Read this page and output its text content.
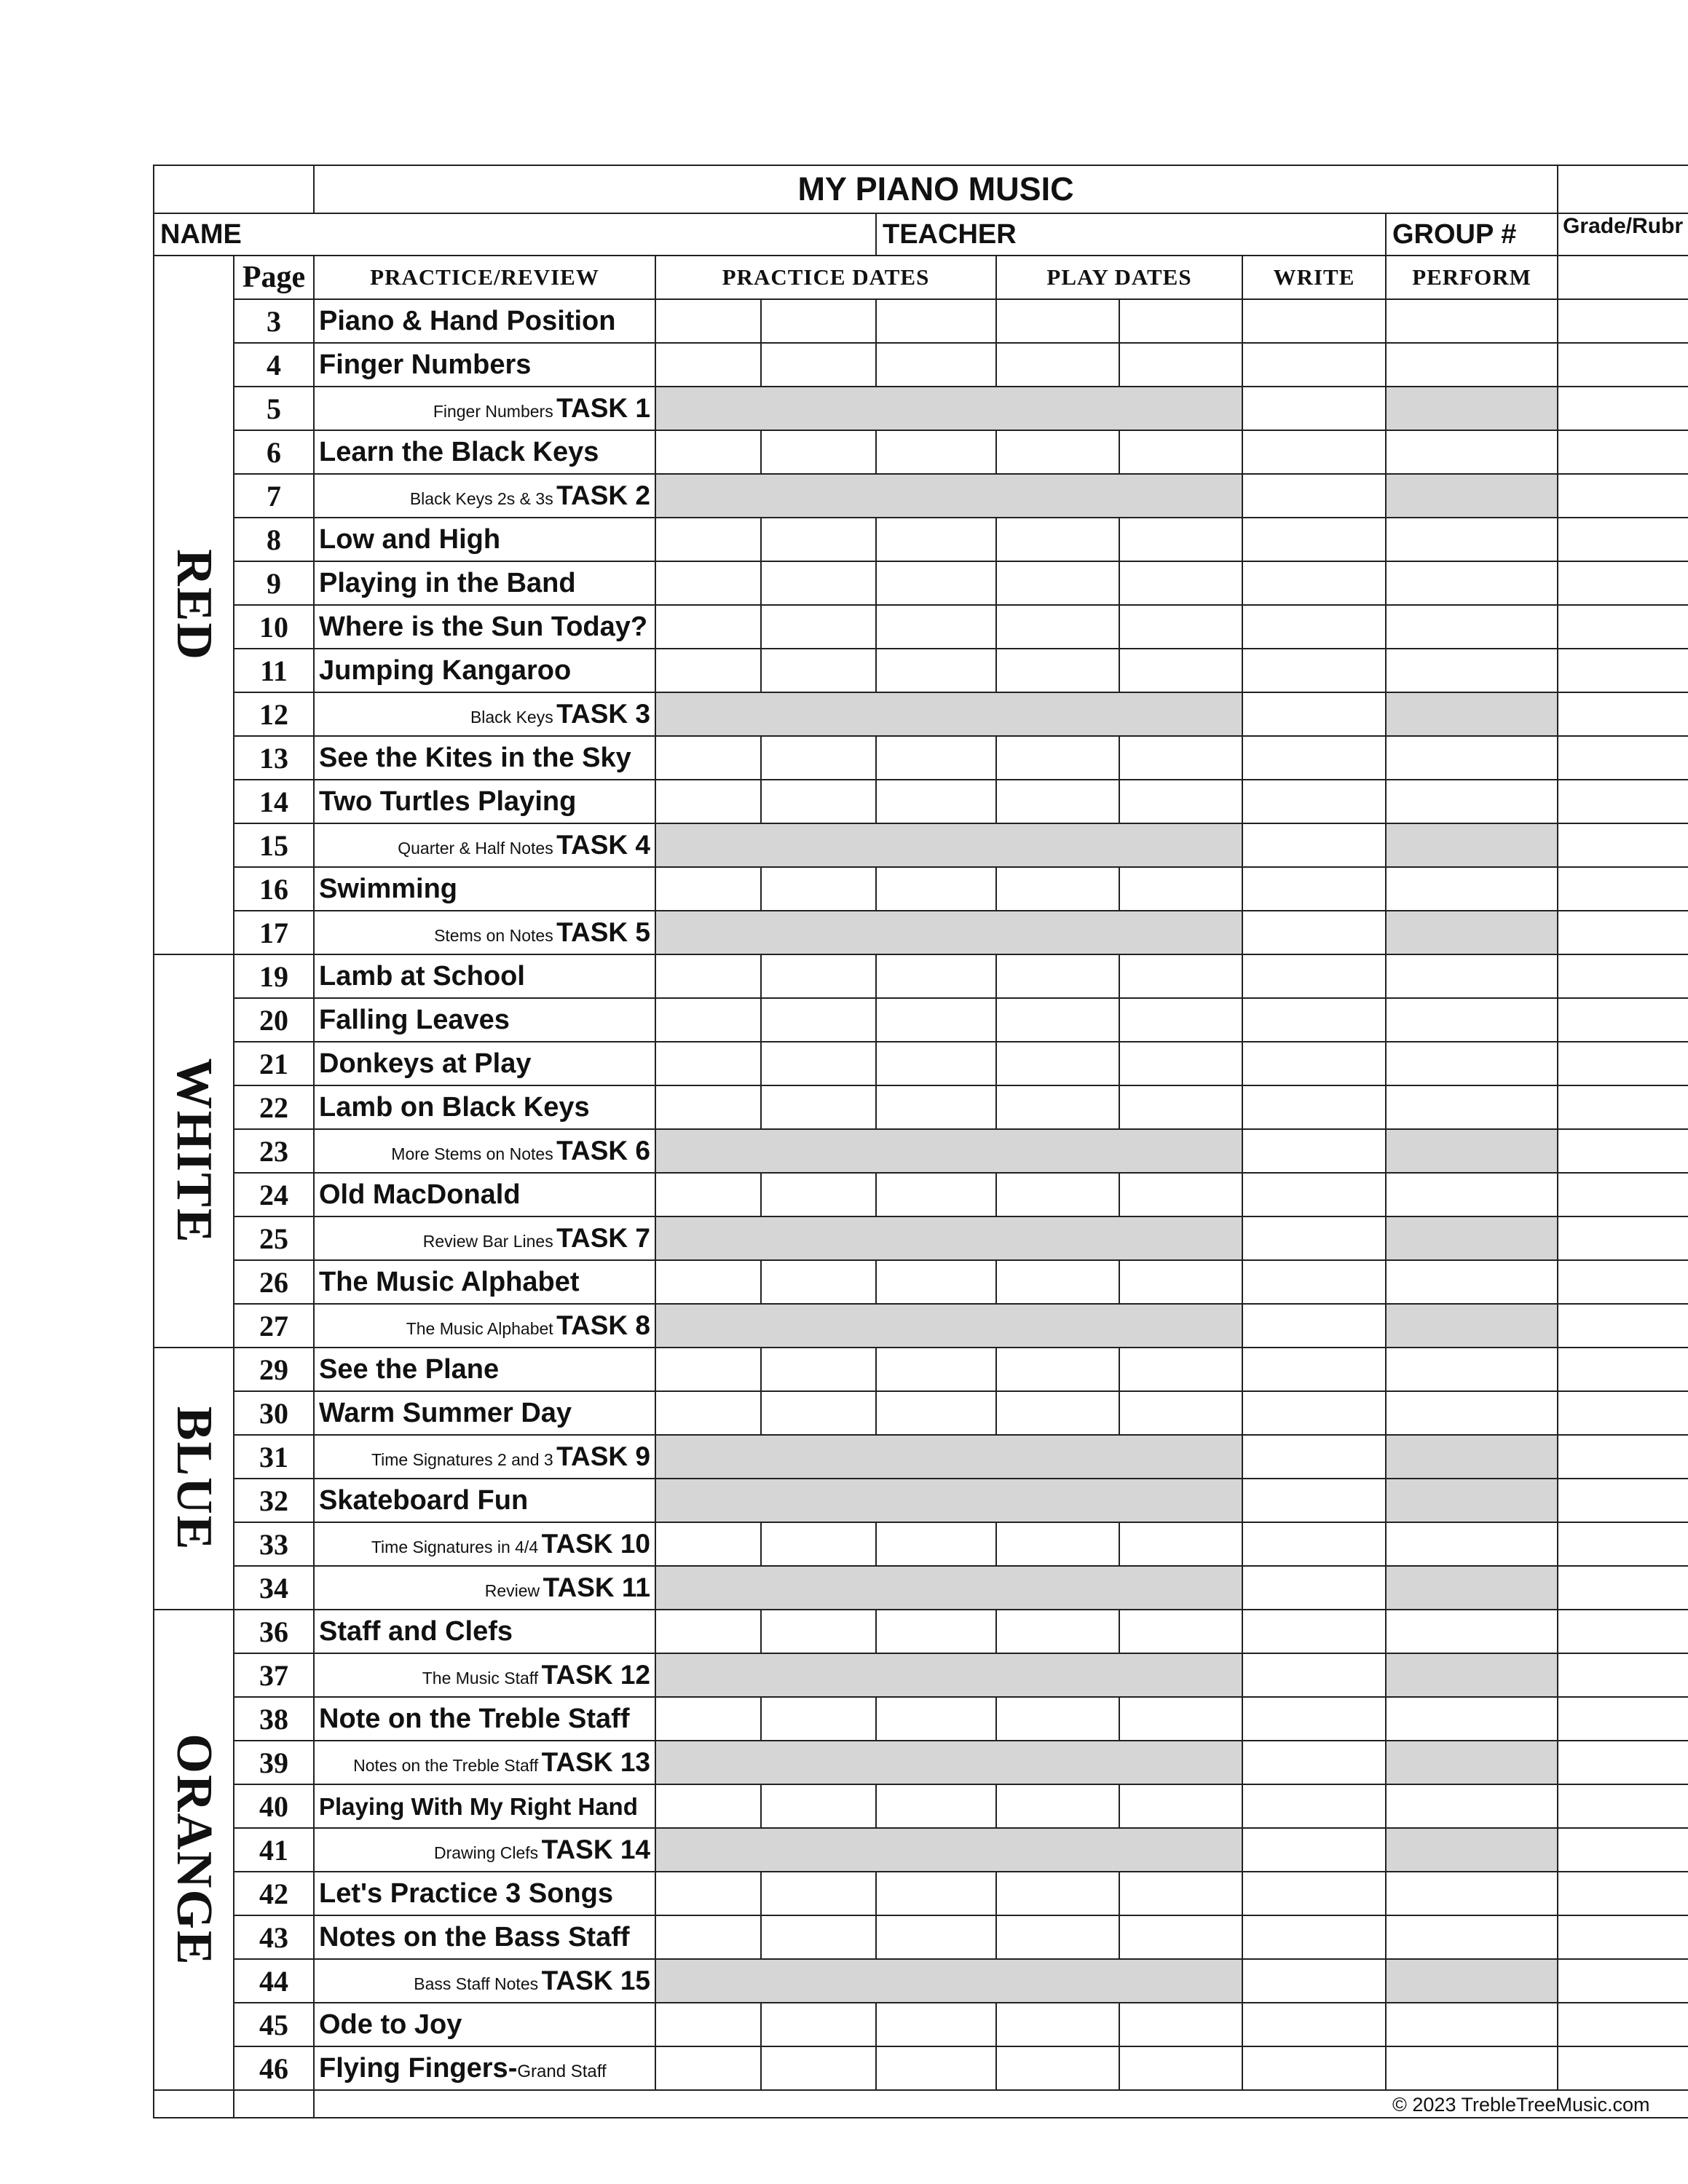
		MY PIANO MUSIC								
NAME					TEACHER				GROUP #	Grade/Rubr

RED	Page	PRACTICE/REVIEW	PRACTICE DATES			PLAY DATES		WRITE	PERFORM	
	3	Piano & Hand Position								
	4	Finger Numbers								
	5	Finger Numbers TASK 1								
	6	Learn the Black Keys								
	7	Black Keys 2s & 3s TASK 2								
	8	Low and High								
	9	Playing in the Band								
	10	Where is the Sun Today?								
	11	Jumping Kangaroo								
	12	Black Keys TASK 3								
	13	See the Kites in the Sky								
	14	Two Turtles Playing								
	15	Quarter & Half Notes TASK 4								
	16	Swimming								
	17	Stems on Notes TASK 5								

WHITE	19	Lamb at School								
	20	Falling Leaves								
	21	Donkeys at Play								
	22	Lamb on Black Keys								
	23	More Stems on Notes TASK 6								
	24	Old MacDonald								
	25	Review Bar Lines TASK 7								
	26	The Music Alphabet								
	27	The Music Alphabet TASK 8								

BLUE	29	See the Plane								
	30	Warm Summer Day								
	31	Time Signatures 2 and 3 TASK 9								
	32	Skateboard Fun								
	33	Time Signatures in 4/4 TASK 10								
	34	Review TASK 11								

ORANGE	36	Staff and Clefs								
	37	The Music Staff TASK 12								
	38	Note on the Treble Staff								
	39	Notes on the Treble Staff TASK 13								
	40	Playing With My Right Hand								
	41	Drawing Clefs TASK 14								
	42	Let's Practice 3 Songs								
	43	Notes on the Bass Staff								
	44	Bass Staff Notes TASK 15								
	45	Ode to Joy								
	46	Flying Fingers-Grand Staff								

© 2023 TrebleTreeMusic.com
